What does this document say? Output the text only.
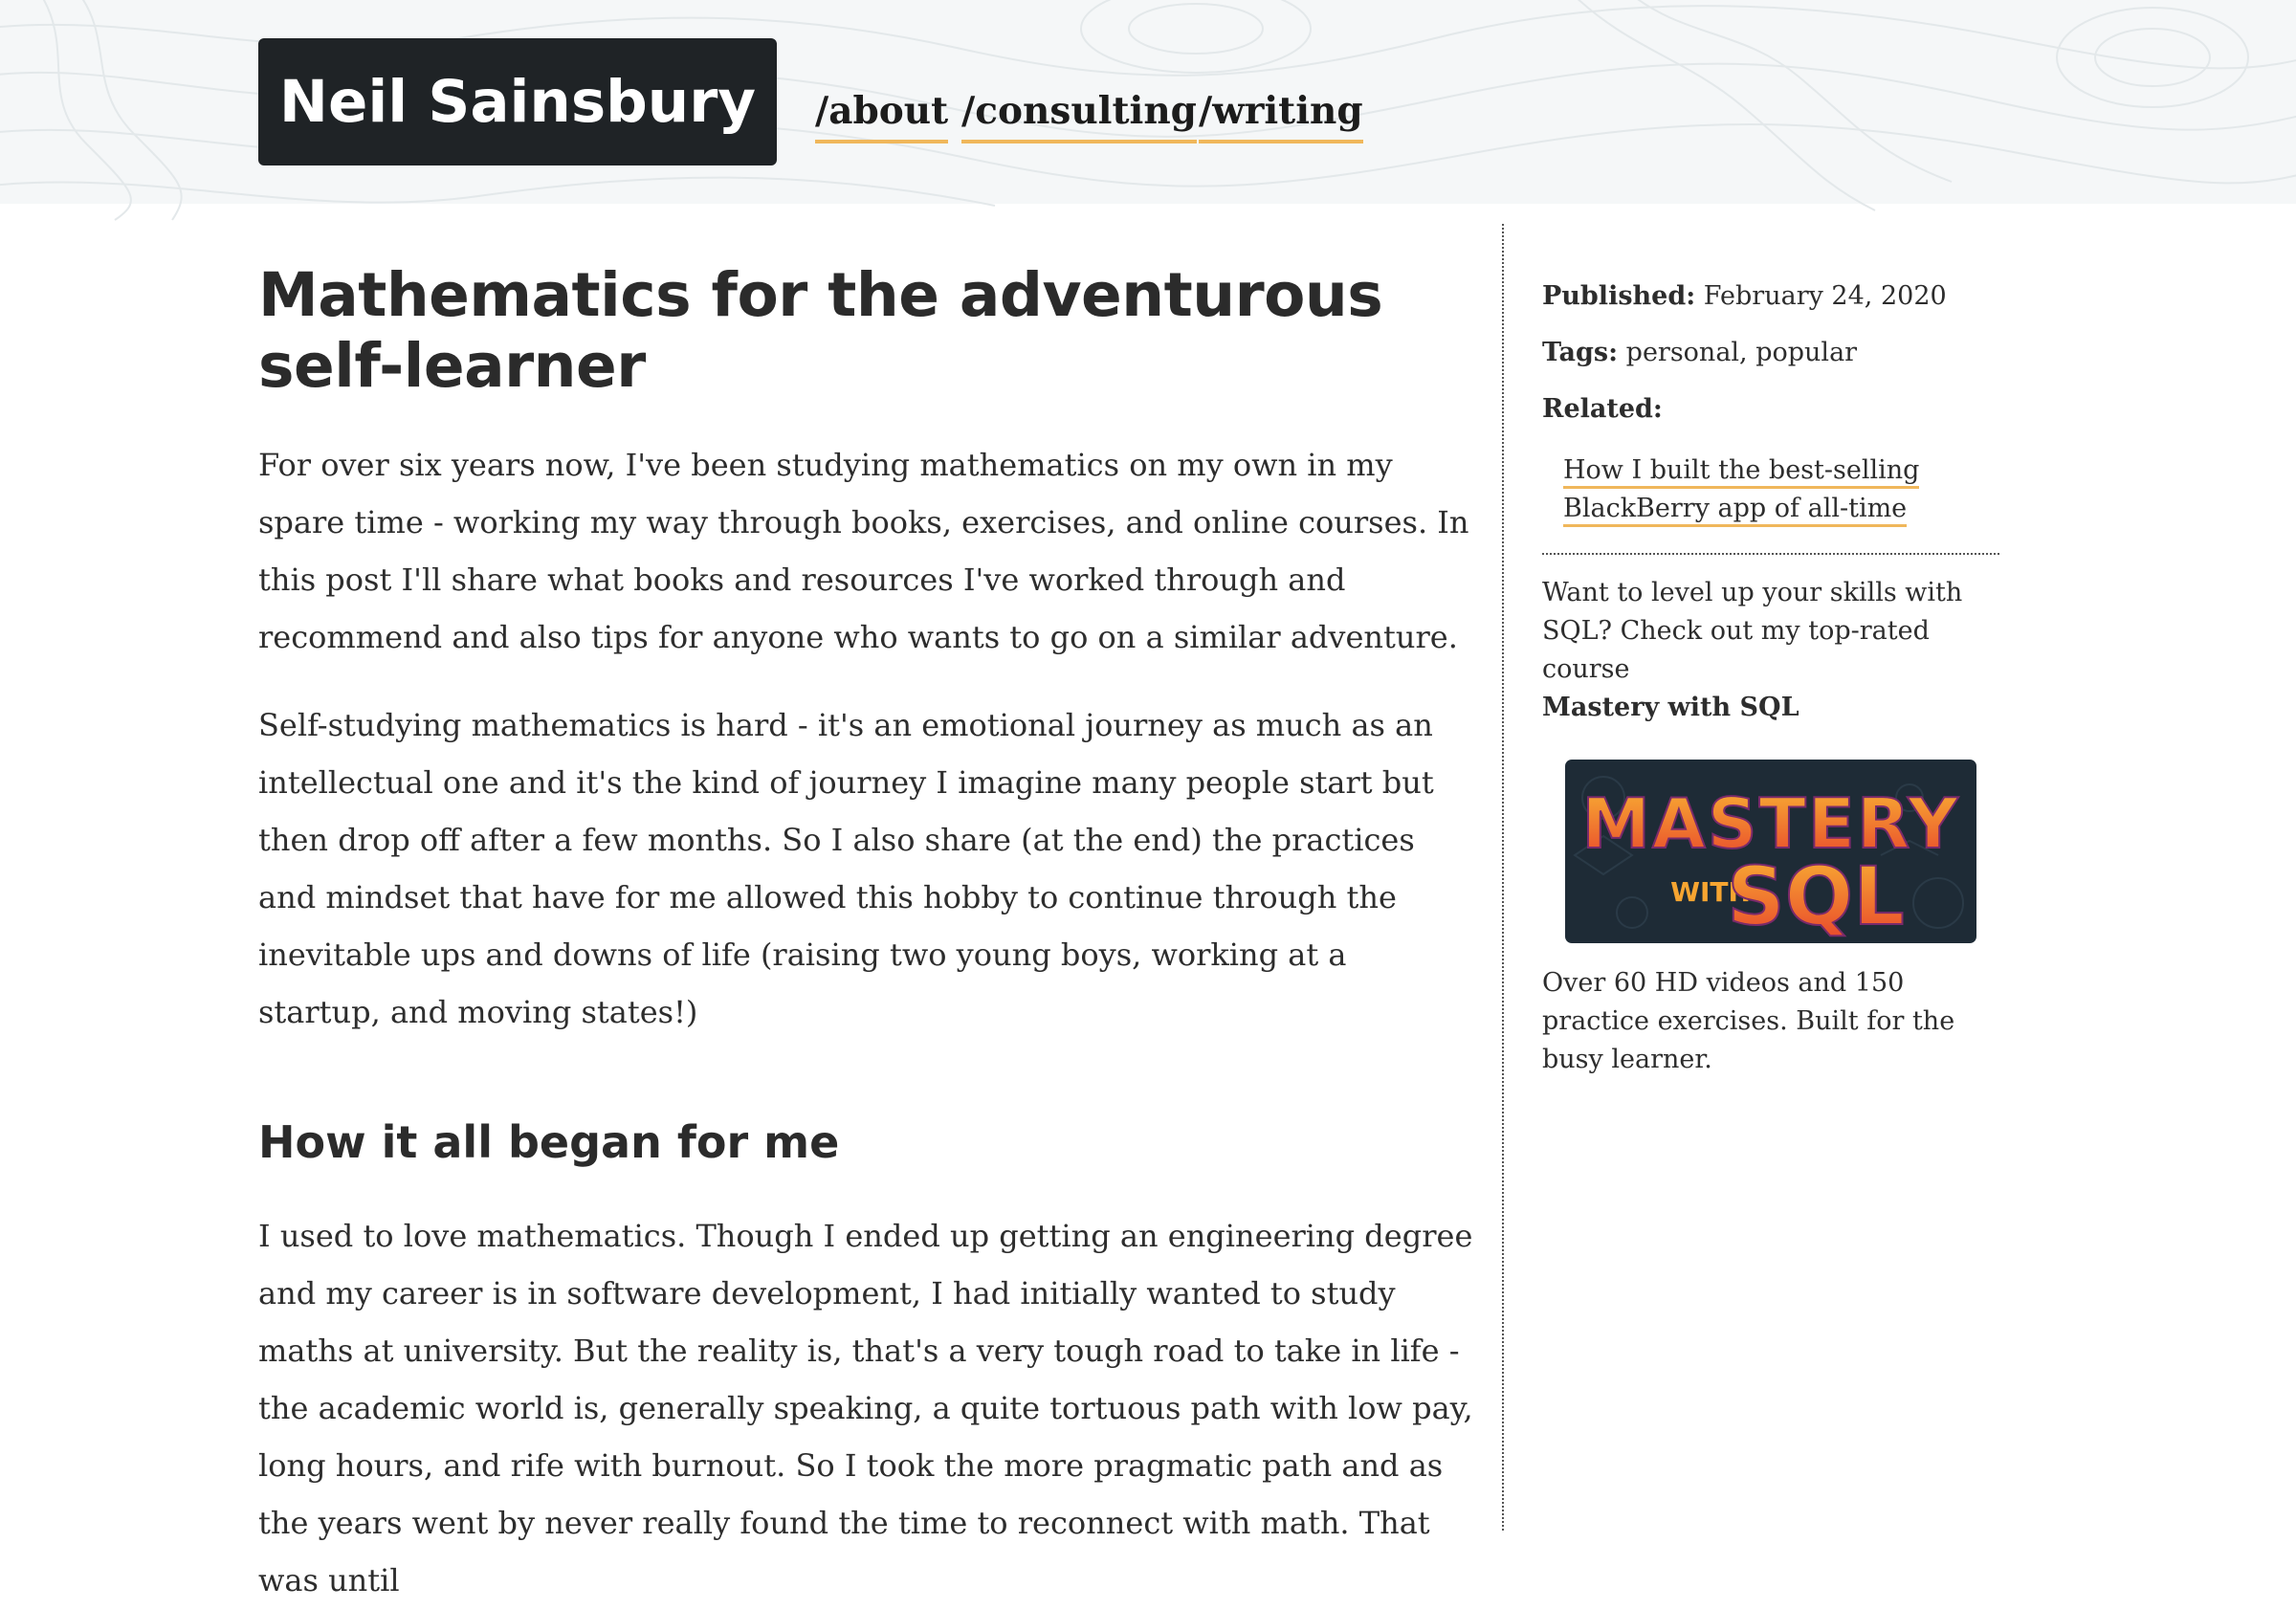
Neil Sainsbury	/about /consulting /writing
Mathematics for the adventurous self-learner

For over six years now, I've been studying mathematics on my own in my spare time - working my way through books, exercises, and online courses. In this post I'll share what books and resources I've worked through and recommend and also tips for anyone who wants to go on a similar adventure.

Self-studying mathematics is hard - it's an emotional journey as much as an intellectual one and it's the kind of journey I imagine many people start but then drop off after a few months. So I also share (at the end) the practices and mindset that have for me allowed this hobby to continue through the inevitable ups and downs of life (raising two young boys, working at a startup, and moving states!)

How it all began for me

I used to love mathematics. Though I ended up getting an engineering degree and my career is in software development, I had initially wanted to study maths at university. But the reality is, that's a very tough road to take in life - the academic world is, generally speaking, a quite tortuous path with low pay, long hours, and rife with burnout. So I took the more pragmatic path and as the years went by never really found the time to reconnect with math. That was until

Published: February 24, 2020

Tags: personal, popular

Related:

How I built the best-selling BlackBerry app of all-time

Want to level up your skills with SQL? Check out my top-rated course
Mastery with SQL

MASTERY
WITH
SQL

Over 60 HD videos and 150 practice exercises. Built for the busy learner.
